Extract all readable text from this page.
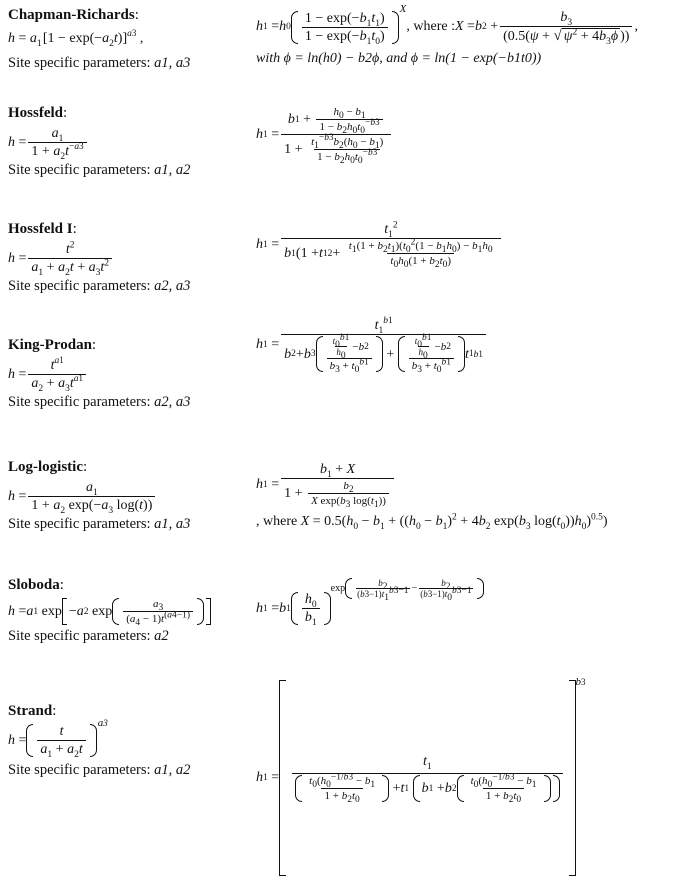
Chapman-Richards:
$h = a_1$ $[1 - \exp(-a_2t)]^{a3}$ ,
Site specific parameters: a1, a3
h 1 = h $0 \frac{1 - \exp(-b_1t_1)}{1 - \exp(-b_1t_0)}$
X
, where : X = b $2 + \frac{b_3}{(0.5(\psi + √ \psi^2 + 4b_3\phi ))}$ ,
with ϕ = ln(h0) − b2ϕ, and ϕ = ln(1 − exp(−b1t0))
Hossfeld:
$h = \frac{a_1}{1 + a_2t^{-a3}}$
Site specific parameters: a1, a2
h $1 = \frac{b 1 + \frac{h_0 - b_1}{1 - b_2h_0t_0^{-b3}}}{1 + \frac{t_1^{-b3}b_2(h_0 - b_1)}{1 - b_2h_0t_0^{-b3}}}$
Hossfeld I:
$h = \frac{t^2}{a_1 + a_2t + a_3t^2}$
Site specific parameters: a2, a3
h $1 = \frac{t_1^2}{b 1 (1 + t 1 2 + \frac{t_1(1 + b_2t_1)(t_0^2(1 - b_1h_0) - b_1h_0}{t_0h_0(1 + b_2t_0)}}$
King-Prodan:
$h = \frac{t^{a1}}{a_2 + a_3t^{a1}}$
Site specific parameters: a2, a3
h 1 =
$t_1^{b1}$
b 2 + b $3 \frac{\frac{t_0^{b1}}{h_0} - b 2}{b_3 + t_0^{b1}} + \frac{\frac{t_0^{b1}}{h_0} - b 2}{b_3 + t_0^{b1}}$ t 1 b1
Log-logistic:
$h = \frac{a_1}{1 + a_2 \exp(-a_3 \log(t))}$
Site specific parameters: a1, a3
h $1 = \frac{b_1 + X}{1 + \frac{b_2}{X \exp(b_3 \log(t_1))}}$
, where $X = 0.5(h_0 - b_1 + ((h_0 - b_1)^2 + 4b_2$ $\exp(b_3$ $\log(t_0))h_0)^{0.5}$)
Sloboda:
h = a 1 exp − a 2 $\exp \frac{a_3}{(a_4 - 1)t^{(a4-1)}}$
Site specific parameters: a2
h 1 = b $1 \frac{h_0}{b_1}$
$\exp \frac{b_2}{(b3-1)t_1^{b3-1}} - \frac{b_2}{(b3-1)t_0^{b3-1}}$
Strand:
$h = \frac{t}{a_1 + a_2t}$
a3
Site specific parameters: a1, a2	h 1 =
$t_1$
$\frac{t_0(h_0^{-1/b3} - b_1}{1 + b_2t_0} + t$ 1
b 1 + b $2 \frac{t_0(h_0^{-1/b3} - b_1}{1 + b_2t_0}$
b3
